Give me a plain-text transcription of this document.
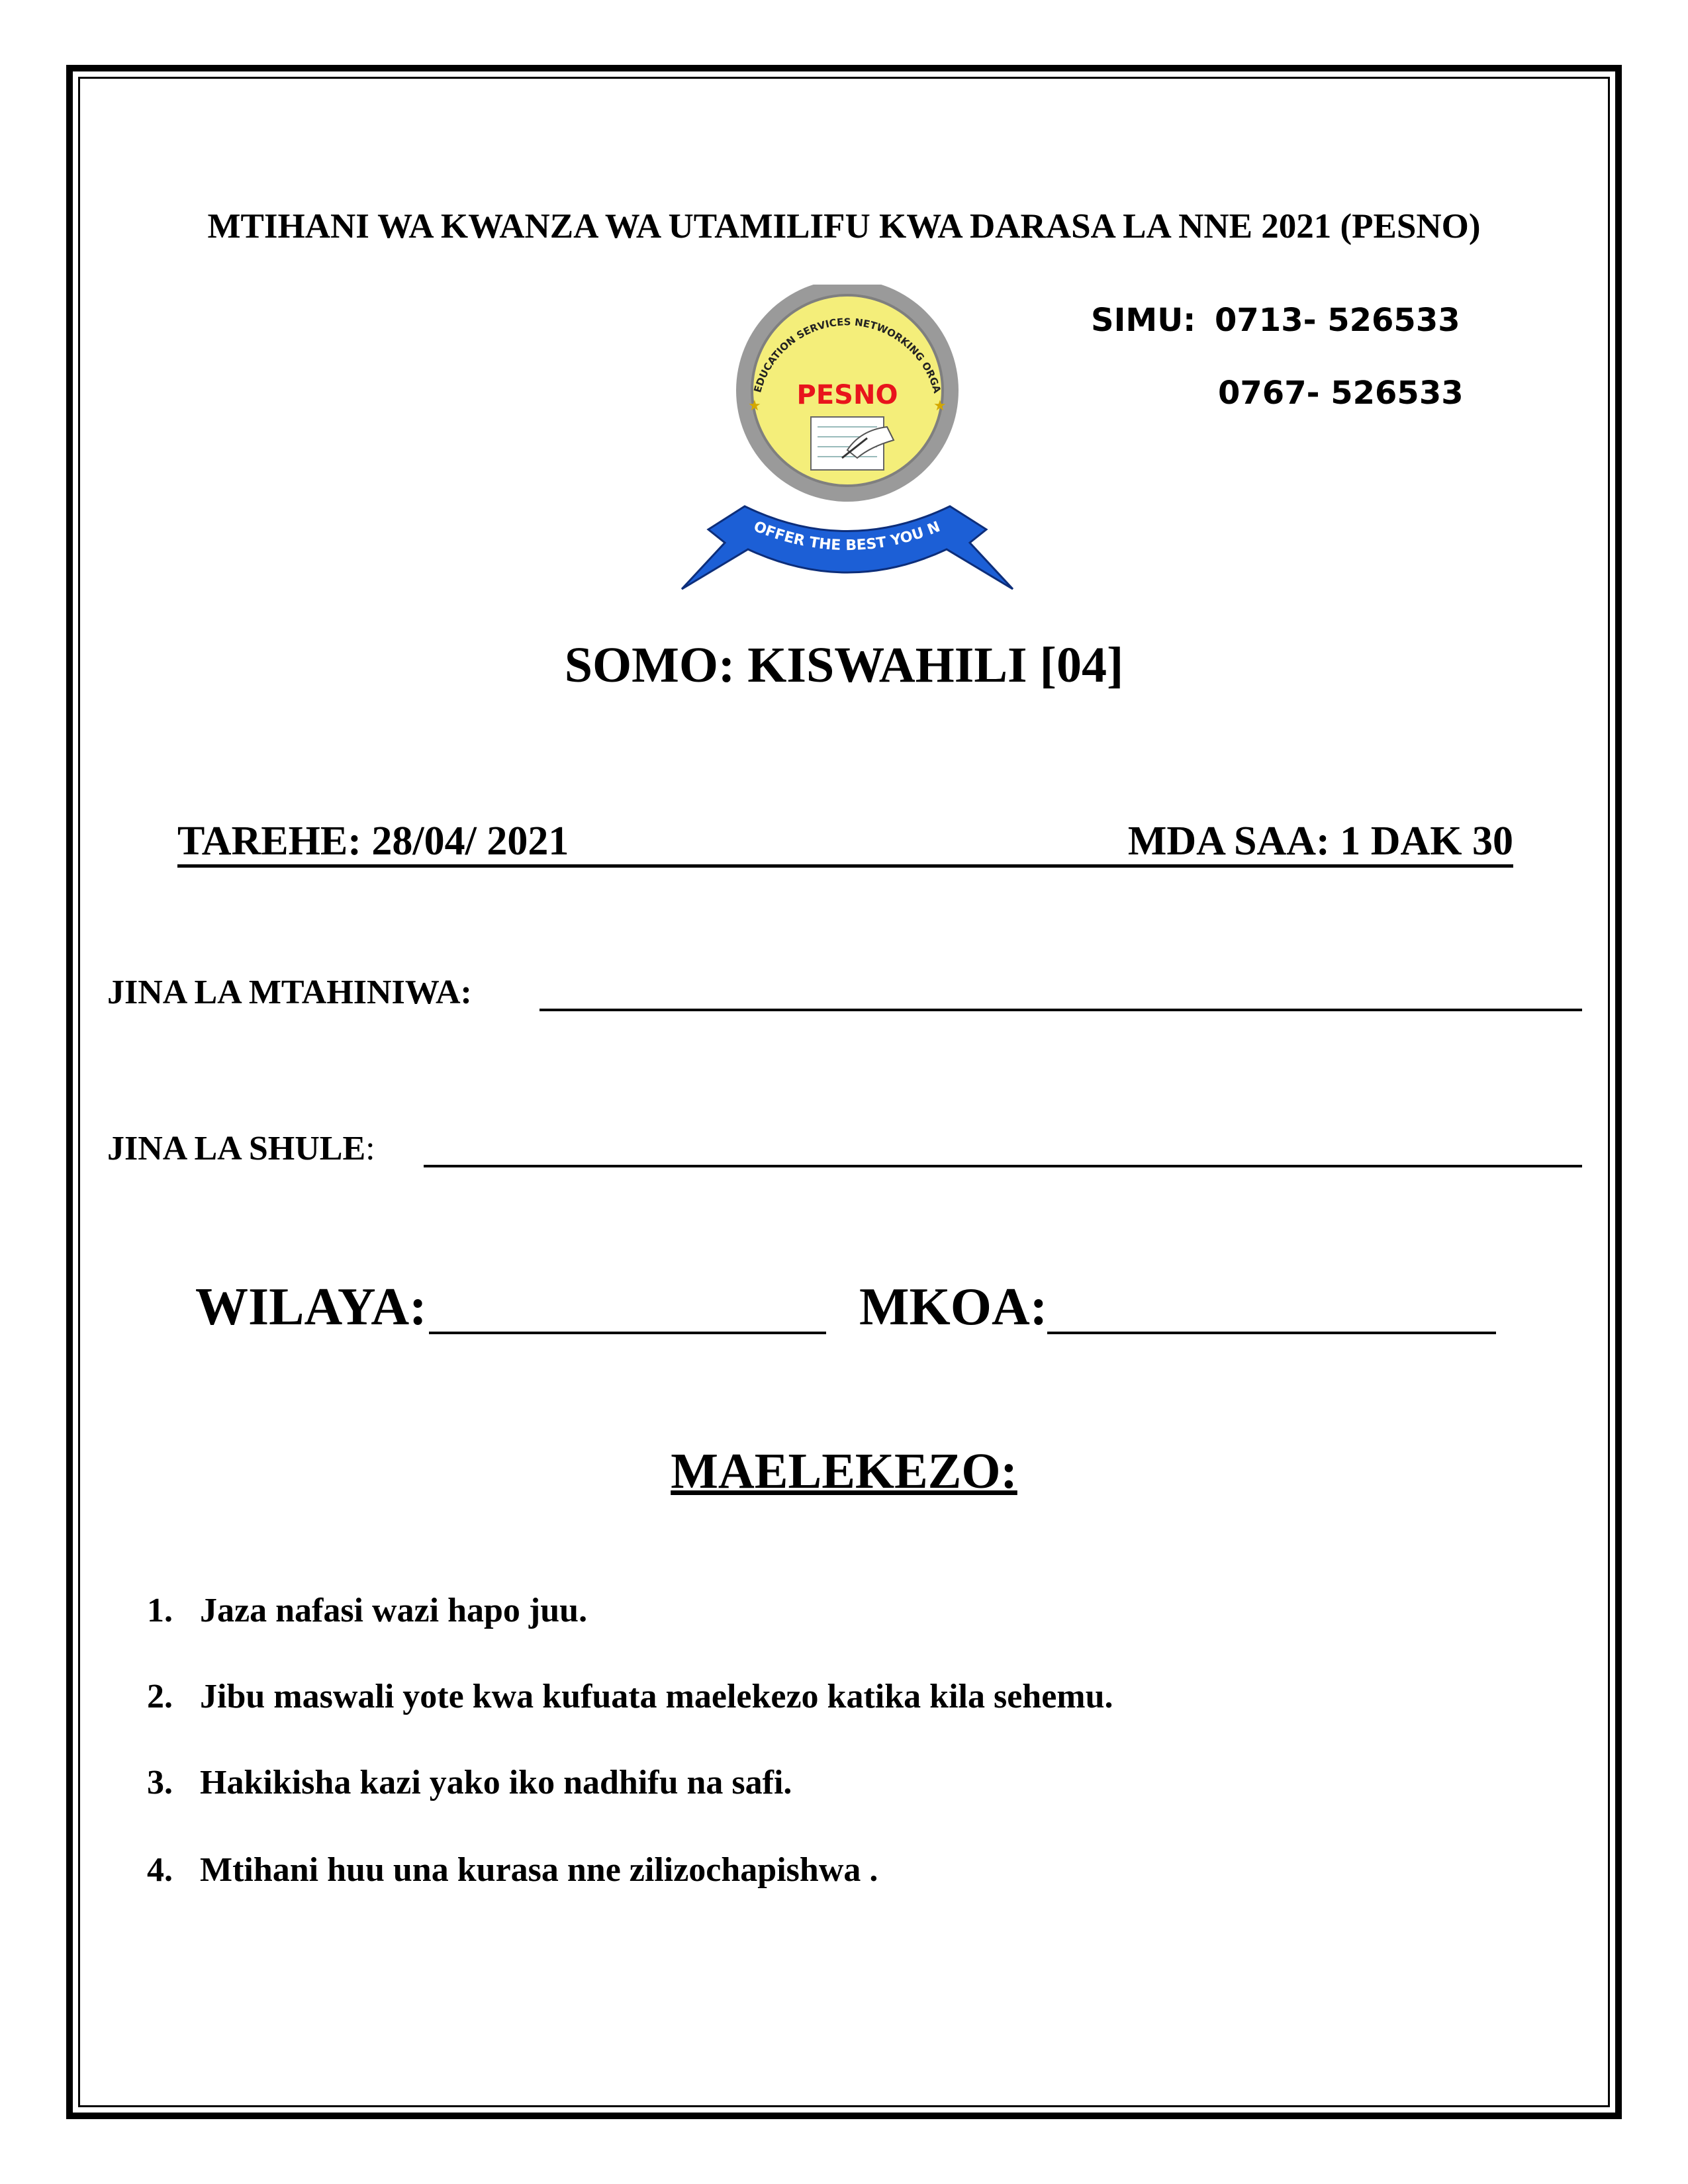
MTIHANI WA KWANZA WA UTAMILIFU KWA DARASA LA NNE 2021 (PESNO)
SIMU: 0713- 526533
0767- 526533
EDUCATION SERVICES NETWORKING ORGA
★	★
PESNO
OFFER THE BEST YOU N
SOMO: KISWAHILI [04]
TAREHE: 28/04/ 2021	MDA SAA: 1 DAK 30
JINA LA MTAHINIWA:
JINA LA SHULE:
WILAYA:	MKOA:
MAELEKEZO:
1. Jaza nafasi wazi hapo juu.
2. Jibu maswali yote kwa kufuata maelekezo katika kila sehemu.
3. Hakikisha kazi yako iko nadhifu na safi.
4. Mtihani huu una kurasa nne zilizochapishwa .
